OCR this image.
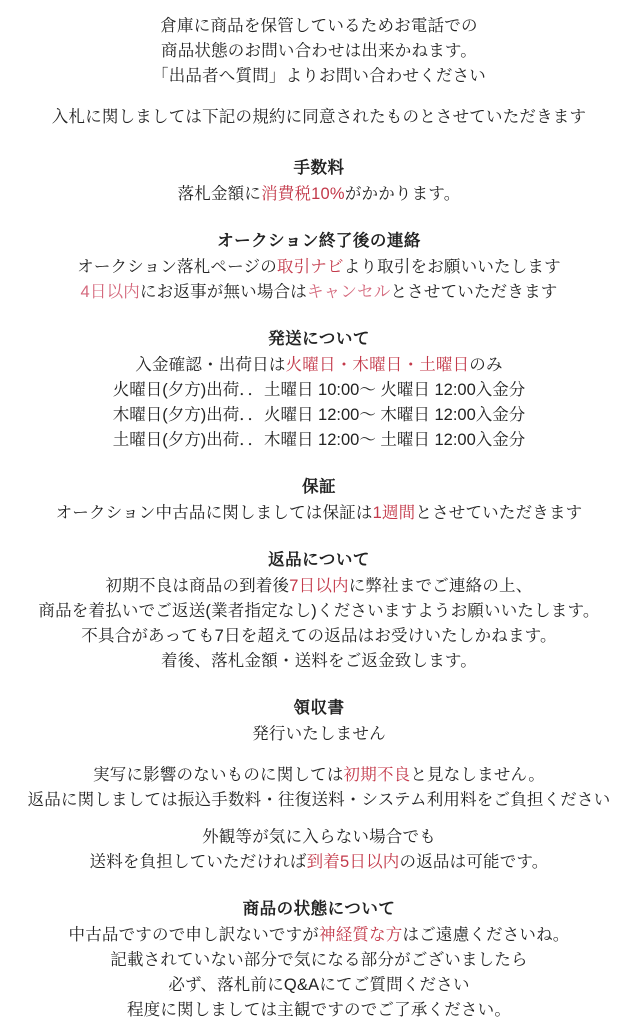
倉庫に商品を保管しているためお電話での
商品状態のお問い合わせは出来かねます。
「出品者へ質問」よりお問い合わせください
入札に関しましては下記の規約に同意されたものとさせていただきます
手数料
落札金額に消費税10%がかかります。
オークション終了後の連絡
オークション落札ページの取引ナビより取引をお願いいたします
4日以内にお返事が無い場合はキャンセルとさせていただきます
発送について
入金確認・出荷日は火曜日・木曜日・土曜日のみ
火曜日(夕方)出荷．．土曜日 10:00〜 火曜日 12:00入金分
木曜日(夕方)出荷．．火曜日 12:00〜 木曜日 12:00入金分
土曜日(夕方)出荷．．木曜日 12:00〜 土曜日 12:00入金分
保証
オークション中古品に関しましては保証は1週間とさせていただきます
返品について
初期不良は商品の到着後7日以内に弊社までご連絡の上、
商品を着払いでご返送(業者指定なし)くださいますようお願いいたします。
不具合があっても7日を超えての返品はお受けいたしかねます。
着後、落札金額・送料をご返金致します。
領収書
発行いたしません
実写に影響のないものに関しては初期不良と見なしません。
返品に関しましては振込手数料・往復送料・システム利用料をご負担ください
外観等が気に入らない場合でも
送料を負担していただければ到着5日以内の返品は可能です。
商品の状態について
中古品ですので申し訳ないですが神経質な方はご遠慮くださいね。
記載されていない部分で気になる部分がございましたら
必ず、落札前にQ&Aにてご質問ください
程度に関しましては主観ですのでご了承ください。
